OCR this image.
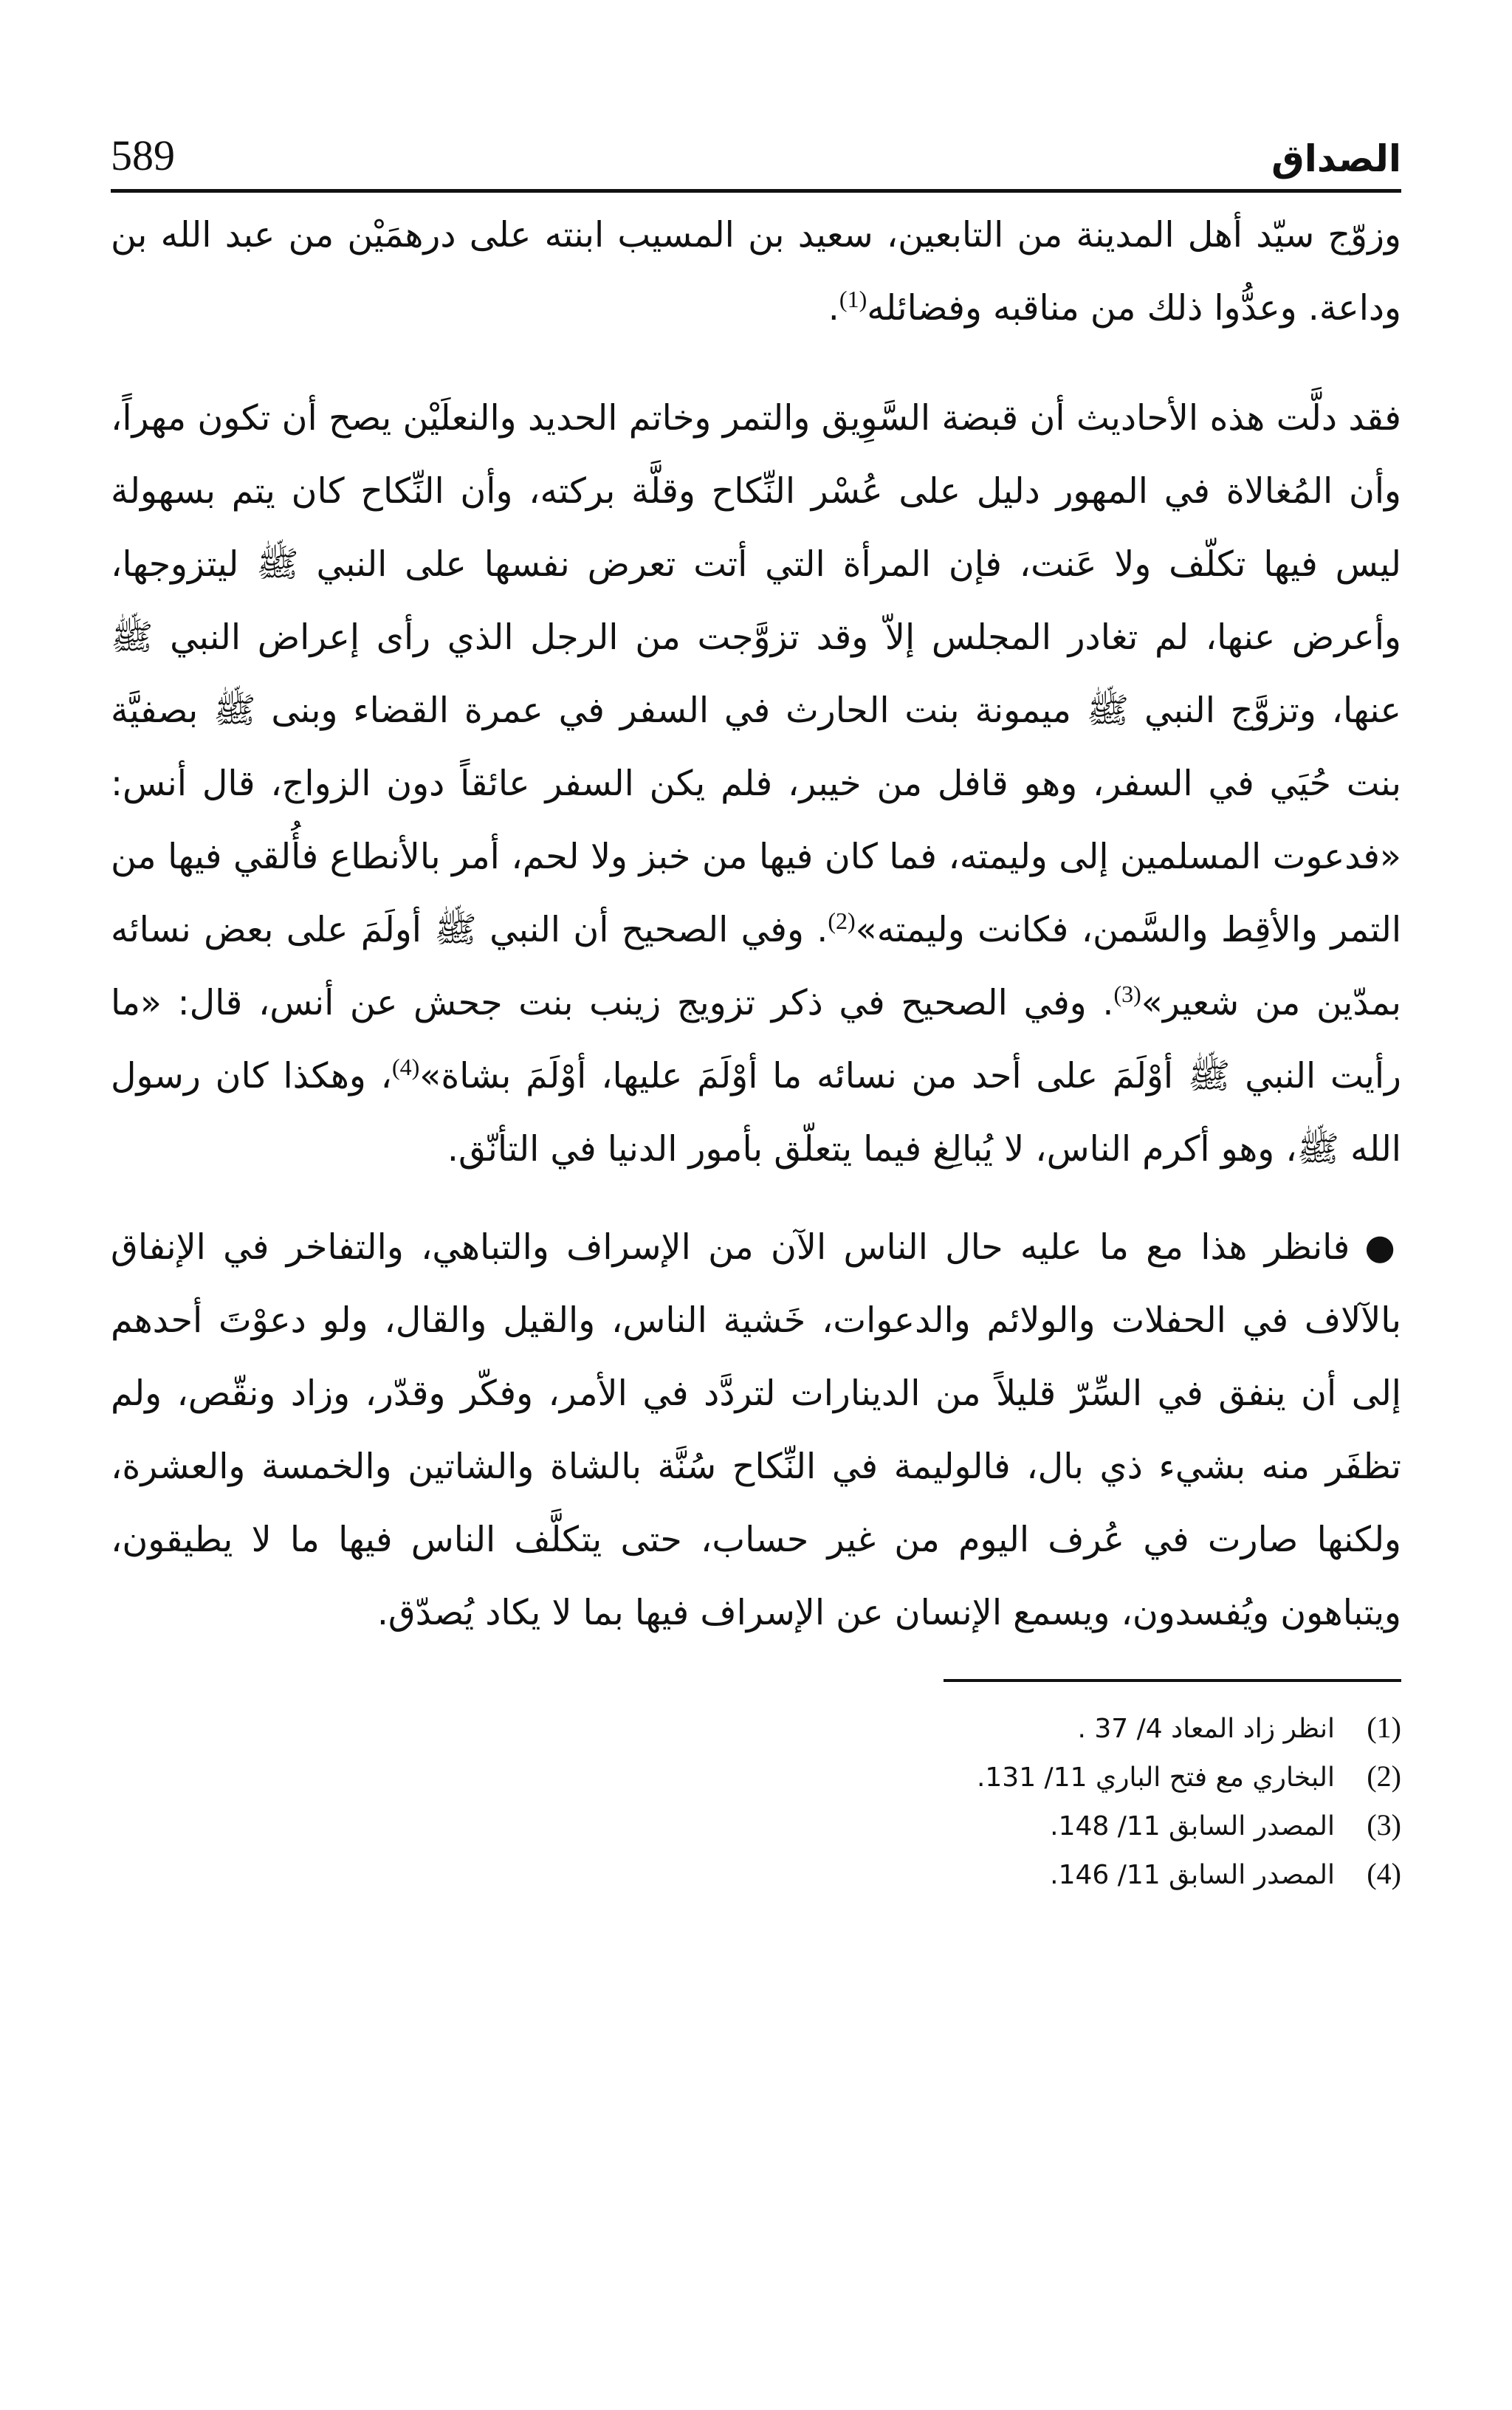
589	الصداق

وزوّج سيّد أهل المدينة من التابعين، سعيد بن المسيب ابنته على درهمَيْن من عبد الله بن وداعة. وعدُّوا ذلك من مناقبه وفضائله$^{(1)}$.

فقد دلَّت هذه الأحاديث أن قبضة السَّوِيق والتمر وخاتم الحديد والنعلَيْن يصح أن تكون مهراً، وأن المُغالاة في المهور دليل على عُسْر النِّكاح وقلَّة بركته، وأن النِّكاح كان يتم بسهولة ليس فيها تكلّف ولا عَنت، فإن المرأة التي أتت تعرض نفسها على النبي ﷺ ليتزوجها، وأعرض عنها، لم تغادر المجلس إلاّ وقد تزوَّجت من الرجل الذي رأى إعراض النبي ﷺ عنها، وتزوَّج النبي ﷺ ميمونة بنت الحارث في السفر في عمرة القضاء وبنى ﷺ بصفيَّة بنت حُيَي في السفر، وهو قافل من خيبر، فلم يكن السفر عائقاً دون الزواج، قال أنس: «فدعوت المسلمين إلى وليمته، فما كان فيها من خبز ولا لحم، أمر بالأنطاع فأُلقي فيها من التمر والأقِط والسَّمن، فكانت وليمته»$^{(2)}$. وفي الصحيح أن النبي ﷺ أولَمَ على بعض نسائه بمدّين من شعير»$^{(3)}$. وفي الصحيح في ذكر تزويج زينب بنت جحش عن أنس، قال: «ما رأيت النبي ﷺ أوْلَمَ على أحد من نسائه ما أوْلَمَ عليها، أوْلَمَ بشاة»$^{(4)}$، وهكذا كان رسول الله ﷺ، وهو أكرم الناس، لا يُبالِغ فيما يتعلّق بأمور الدنيا في التأنّق.

●فانظر هذا مع ما عليه حال الناس الآن من الإسراف والتباهي، والتفاخر في الإنفاق بالآلاف في الحفلات والولائم والدعوات، خَشية الناس، والقيل والقال، ولو دعوْتَ أحدهم إلى أن ينفق في السِّرّ قليلاً من الدينارات لتردَّد في الأمر، وفكّر وقدّر، وزاد ونقّص، ولم تظفَر منه بشيء ذي بال، فالوليمة في النِّكاح سُنَّة بالشاة والشاتين والخمسة والعشرة، ولكنها صارت في عُرف اليوم من غير حساب، حتى يتكلَّف الناس فيها ما لا يطيقون، ويتباهون ويُفسدون، ويسمع الإنسان عن الإسراف فيها بما لا يكاد يُصدّق.

(1)
انظر زاد المعاد 4/ 37 .
(2)
البخاري مع فتح الباري 11/ 131.
(3)
المصدر السابق 11/ 148.
(4)
المصدر السابق 11/ 146.
